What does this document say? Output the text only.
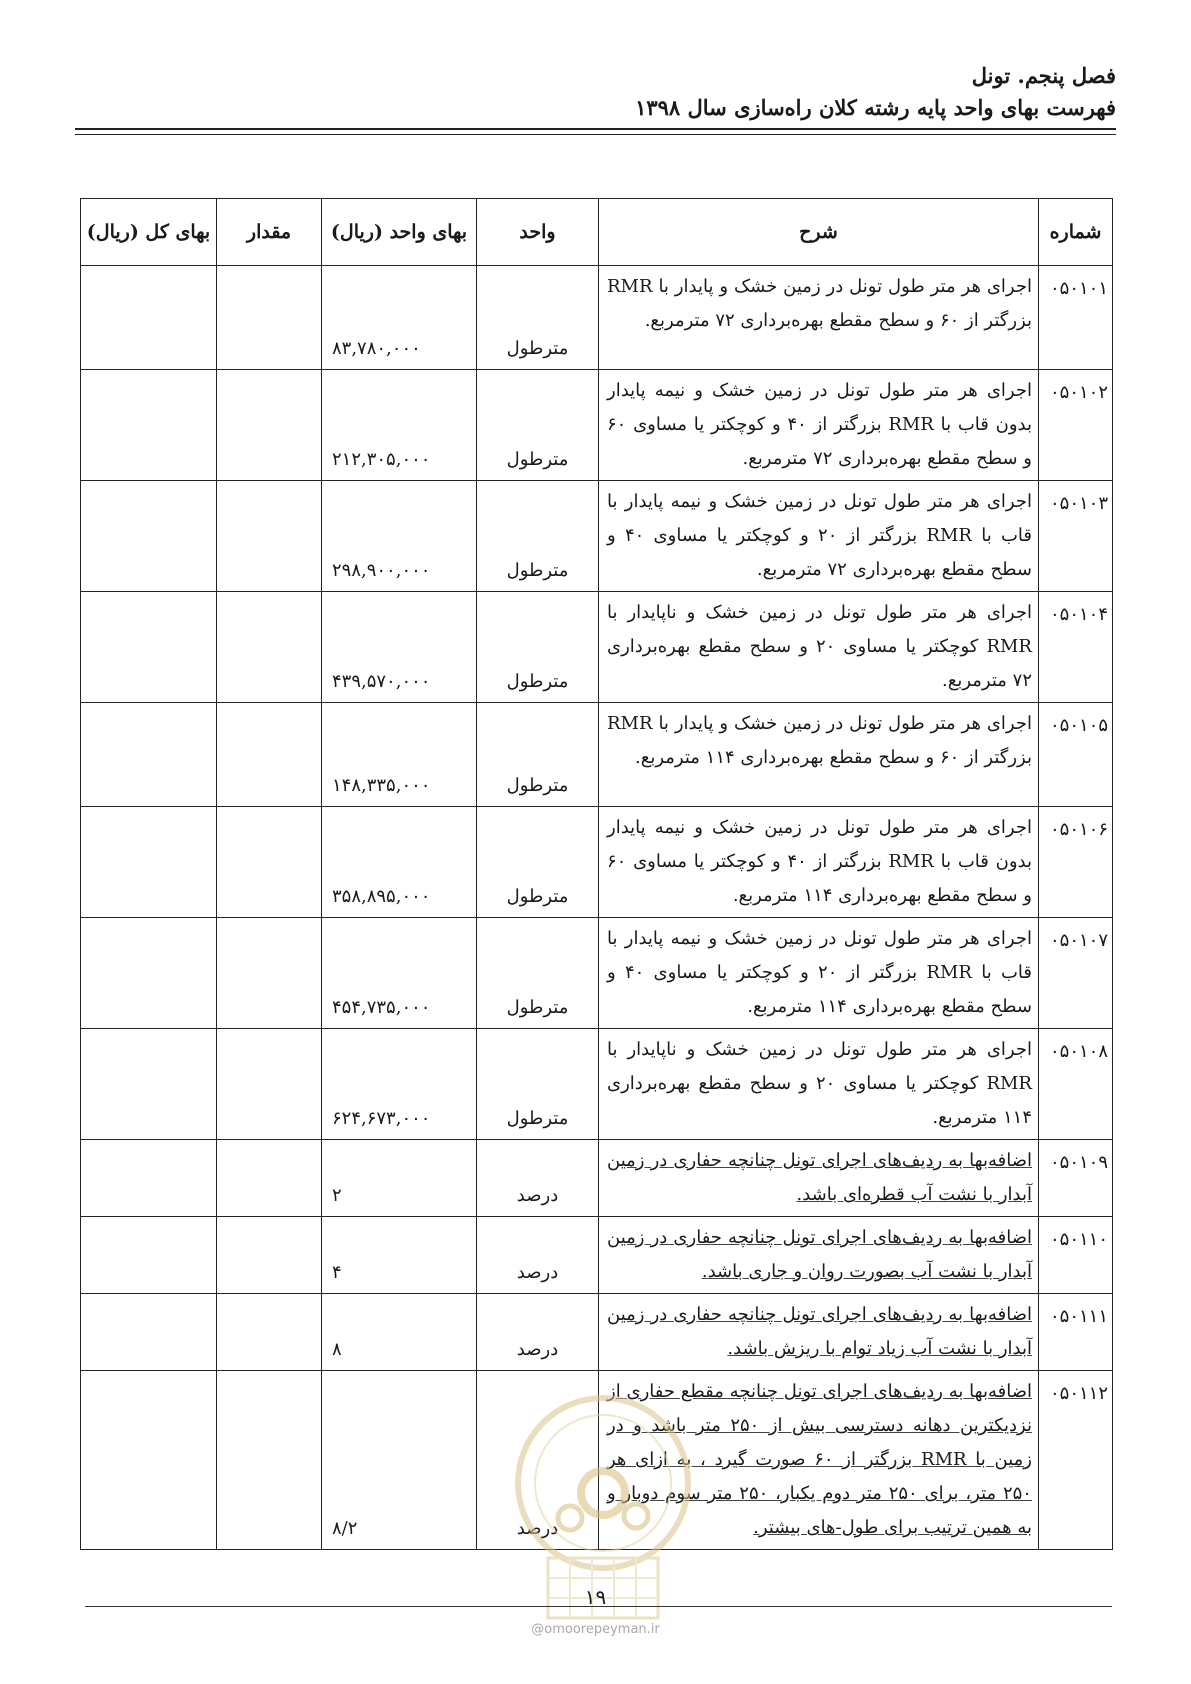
فصل پنجم. تونل
فهرست بهای واحد پایه رشته کلان راه‌سازی سال ۱۳۹۸
شماره	شرح	واحد	بهای واحد (ریال)	مقدار	بهای کل (ریال)
۰۵۰۱۰۱	اجرای هر متر طول تونل در زمین خشک و پایدار با RMR بزرگتر از ۶۰ و سطح مقطع بهره‌برداری ۷۲ مترمربع.	مترطول	۸۳,۷۸۰,۰۰۰		
۰۵۰۱۰۲	اجرای هر متر طول تونل در زمین خشک و نیمه پایدار بدون قاب با RMR بزرگتر از ۴۰ و کوچکتر یا مساوی ۶۰ و سطح مقطع بهره‌برداری ۷۲ مترمربع.	مترطول	۲۱۲,۳۰۵,۰۰۰		
۰۵۰۱۰۳	اجرای هر متر طول تونل در زمین خشک و نیمه پایدار با قاب با RMR بزرگتر از ۲۰ و کوچکتر یا مساوی ۴۰ و سطح مقطع بهره‌برداری ۷۲ مترمربع.	مترطول	۲۹۸,۹۰۰,۰۰۰		
۰۵۰۱۰۴	اجرای هر متر طول تونل در زمین خشک و ناپایدار با RMR کوچکتر یا مساوی ۲۰ و سطح مقطع بهره‌برداری ۷۲ مترمربع.	مترطول	۴۳۹,۵۷۰,۰۰۰		
۰۵۰۱۰۵	اجرای هر متر طول تونل در زمین خشک و پایدار با RMR بزرگتر از ۶۰ و سطح مقطع بهره‌برداری ۱۱۴ مترمربع.	مترطول	۱۴۸,۳۳۵,۰۰۰		
۰۵۰۱۰۶	اجرای هر متر طول تونل در زمین خشک و نیمه پایدار بدون قاب با RMR بزرگتر از ۴۰ و کوچکتر یا مساوی ۶۰ و سطح مقطع بهره‌برداری ۱۱۴ مترمربع.	مترطول	۳۵۸,۸۹۵,۰۰۰		
۰۵۰۱۰۷	اجرای هر متر طول تونل در زمین خشک و نیمه پایدار با قاب با RMR بزرگتر از ۲۰ و کوچکتر یا مساوی ۴۰ و سطح مقطع بهره‌برداری ۱۱۴ مترمربع.	مترطول	۴۵۴,۷۳۵,۰۰۰		
۰۵۰۱۰۸	اجرای هر متر طول تونل در زمین خشک و ناپایدار با RMR کوچکتر یا مساوی ۲۰ و سطح مقطع بهره‌برداری ۱۱۴ مترمربع.	مترطول	۶۲۴,۶۷۳,۰۰۰		
۰۵۰۱۰۹	اضافه‌بها به ردیف‌های اجرای تونل چنانچه حفاری در زمین آبدار با نشت آب قطره‌ای باشد.	درصد	۲		
۰۵۰۱۱۰	اضافه‌بها به ردیف‌های اجرای تونل چنانچه حفاری در زمین آبدار با نشت آب بصورت روان و جاری باشد.	درصد	۴		
۰۵۰۱۱۱	اضافه‌بها به ردیف‌های اجرای تونل چنانچه حفاری در زمین آبدار با نشت آب زیاد توام با ریزش باشد.	درصد	۸		
۰۵۰۱۱۲	اضافه‌بها به ردیف‌های اجرای تونل چنانچه مقطع حفاری از نزدیکترین دهانه دسترسی بیش از ۲۵۰ متر باشد و در زمین با RMR بزرگتر از ۶۰ صورت گیرد ، به ازای هر ۲۵۰ متر، برای ۲۵۰ متر دوم یکبار، ۲۵۰ متر سوم دوبار و به همین ترتیب برای طول-های بیشتر.	درصد	۸/۲		
۱۹
@omoorepeyman.ir
